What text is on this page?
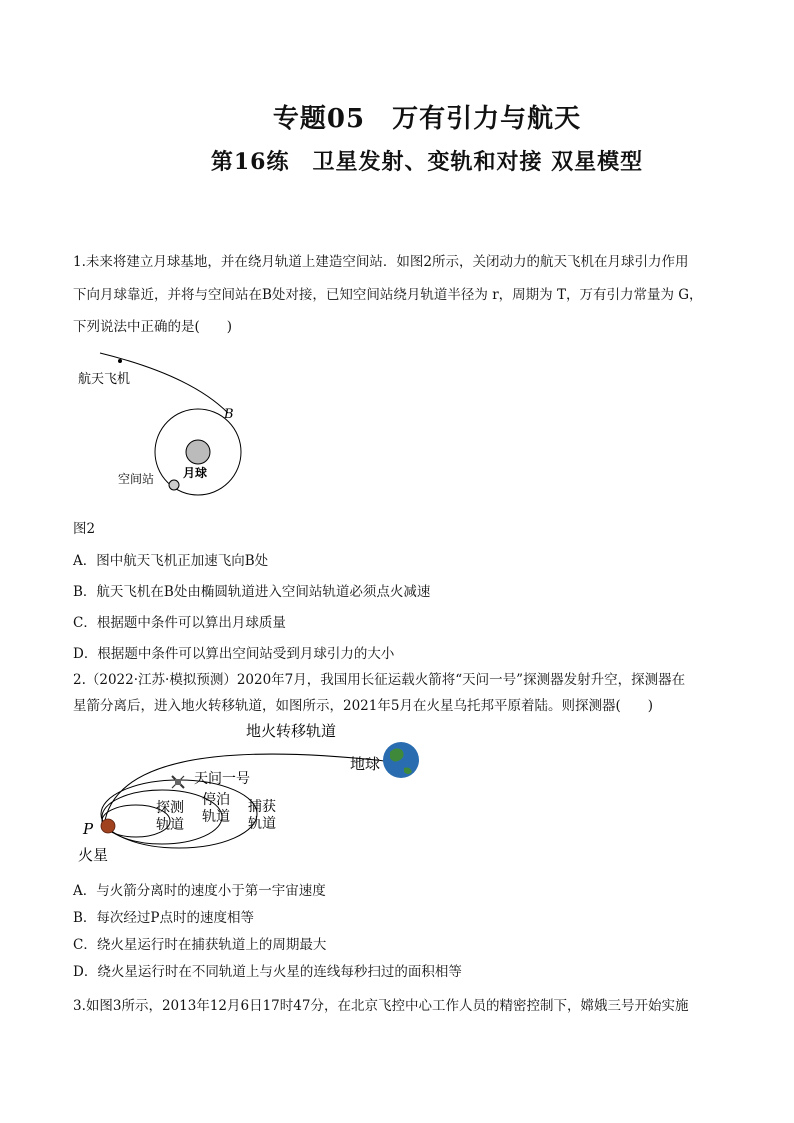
专题05　万有引力与航天
第16练　卫星发射、变轨和对接 双星模型
1.未来将建立月球基地，并在绕月轨道上建造空间站．如图2所示，关闭动力的航天飞机在月球引力作用
下向月球靠近，并将与空间站在B处对接，已知空间站绕月轨道半径为 r，周期为 T，万有引力常量为 G，
下列说法中正确的是(　　)
航天飞机
B
月球
空间站
图2
A．图中航天飞机正加速飞向B处
B．航天飞机在B处由椭圆轨道进入空间站轨道必须点火减速
C．根据题中条件可以算出月球质量
D．根据题中条件可以算出空间站受到月球引力的大小
2.（2022·江苏·模拟预测）2020年7月，我国用长征运载火箭将“天问一号”探测器发射升空，探测器在
星箭分离后，进入地火转移轨道，如图所示，2021年5月在火星乌托邦平原着陆。则探测器(　　)
地火转移轨道
地球
天问一号
探测
轨道
停泊
轨道
捕获
轨道
P
火星
A．与火箭分离时的速度小于第一宇宙速度
B．每次经过P点时的速度相等
C．绕火星运行时在捕获轨道上的周期最大
D．绕火星运行时在不同轨道上与火星的连线每秒扫过的面积相等
3.如图3所示，2013年12月6日17时47分，在北京飞控中心工作人员的精密控制下，嫦娥三号开始实施
